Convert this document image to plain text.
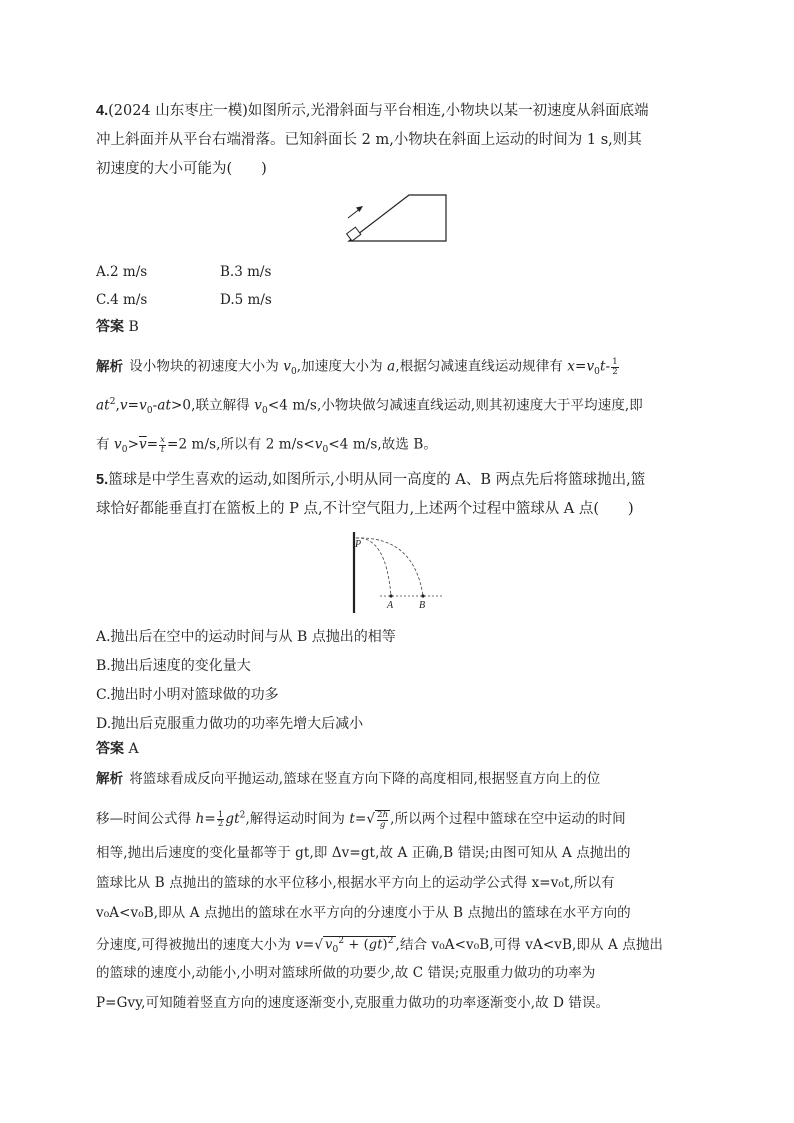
4.(2024 山东枣庄一模)如图所示,光滑斜面与平台相连,小物块以某一初速度从斜面底端
冲上斜面并从平台右端滑落。已知斜面长 2 m,小物块在斜面上运动的时间为 1 s,则其
初速度的大小可能为(　　)
A.2 m/s	B.3 m/s
C.4 m/s	D.5 m/s
答案 B
解析 设小物块的初速度大小为 $v_0$,加速度大小为 a,根据匀减速直线运动规律有 $x=v_0t- \frac{1}{2}$
$at^2,v=v_0-at>0$,联立解得 $v_0<4$ m/s,小物块做匀减速直线运动,则其初速度大于平均速度,即
有 $v_0>\overline{v}= \frac{x}{t} =2$ m/s,所以有 2 $m/s<v_0<4$ m/s,故选 B。
5.篮球是中学生喜欢的运动,如图所示,小明从同一高度的 A、B 两点先后将篮球抛出,篮
球恰好都能垂直打在篮板上的 P 点,不计空气阻力,上述两个过程中篮球从 A 点(　　)
P
A	B
A.抛出后在空中的运动时间与从 B 点抛出的相等
B.抛出后速度的变化量大
C.抛出时小明对篮球做的功多
D.抛出后克服重力做功的功率先增大后减小
答案 A
解析 将篮球看成反向平抛运动,篮球在竖直方向下降的高度相同,根据竖直方向上的位
移—时间公式得 $h= \frac{1}{2} gt^2$,解得运动时间为 $t=√ \frac{2h}{g}$ ,所以两个过程中篮球在空中运动的时间
相等,抛出后速度的变化量都等于 gt,即 Δv=gt,故 A 正确,B 错误;由图可知从 A 点抛出的
篮球比从 B 点抛出的篮球的水平位移小,根据水平方向上的运动学公式得 x=v₀t,所以有
v₀A<v₀B,即从 A 点抛出的篮球在水平方向的分速度小于从 B 点抛出的篮球在水平方向的
分速度,可得被抛出的速度大小为 v=√ $v_0^2 + (gt)^2$ ,结合 v₀A<v₀B,可得 vA<vB,即从 A 点抛出
的篮球的速度小,动能小,小明对篮球所做的功要少,故 C 错误;克服重力做功的功率为
P=Gvy,可知随着竖直方向的速度逐渐变小,克服重力做功的功率逐渐变小,故 D 错误。
